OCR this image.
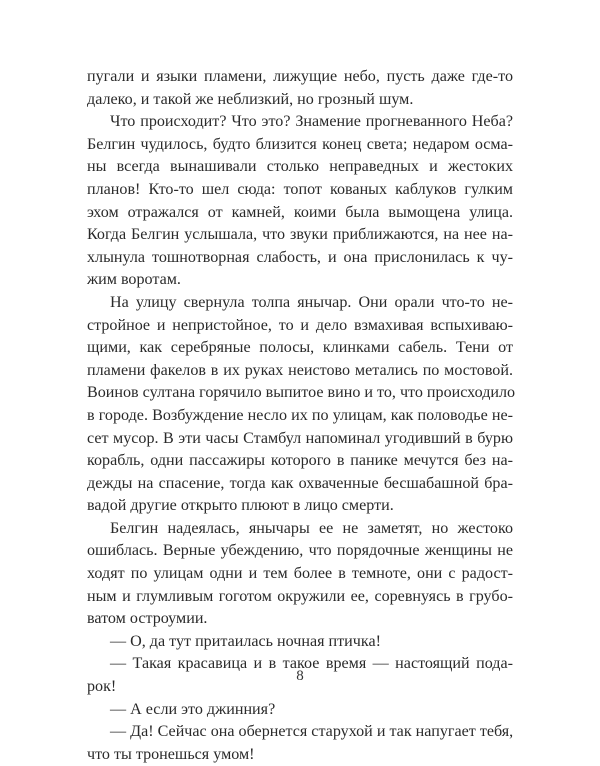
пугали и языки пламени, лижущие небо, пусть даже где-то
далеко, и такой же неблизкий, но грозный шум.
Что происходит? Что это? Знамение прогневанного Неба?
Белгин чудилось, будто близится конец света; недаром осма-
ны всегда вынашивали столько неправедных и жестоких
планов! Кто-то шел сюда: топот кованых каблуков гулким
эхом отражался от камней, коими была вымощена улица.
Когда Белгин услышала, что звуки приближаются, на нее на-
хлынула тошнотворная слабость, и она прислонилась к чу-
жим воротам.
На улицу свернула толпа янычар. Они орали что-то не-
стройное и непристойное, то и дело взмахивая вспыхиваю-
щими, как серебряные полосы, клинками сабель. Тени от
пламени факелов в их руках неистово метались по мостовой.
Воинов султана горячило выпитое вино и то, что происходило
в городе. Возбуждение несло их по улицам, как половодье не-
сет мусор. В эти часы Стамбул напоминал угодивший в бурю
корабль, одни пассажиры которого в панике мечутся без на-
дежды на спасение, тогда как охваченные бесшабашной бра-
вадой другие открыто плюют в лицо смерти.
Белгин надеялась, янычары ее не заметят, но жестоко
ошиблась. Верные убеждению, что порядочные женщины не
ходят по улицам одни и тем более в темноте, они с радост-
ным и глумливым гоготом окружили ее, соревнуясь в грубо-
ватом остроумии.
— О, да тут притаилась ночная птичка!
— Такая красавица и в такое время — настоящий пода-
рок!
— А если это джинния?
— Да! Сейчас она обернется старухой и так напугает тебя,
что ты тронешься умом!
8
